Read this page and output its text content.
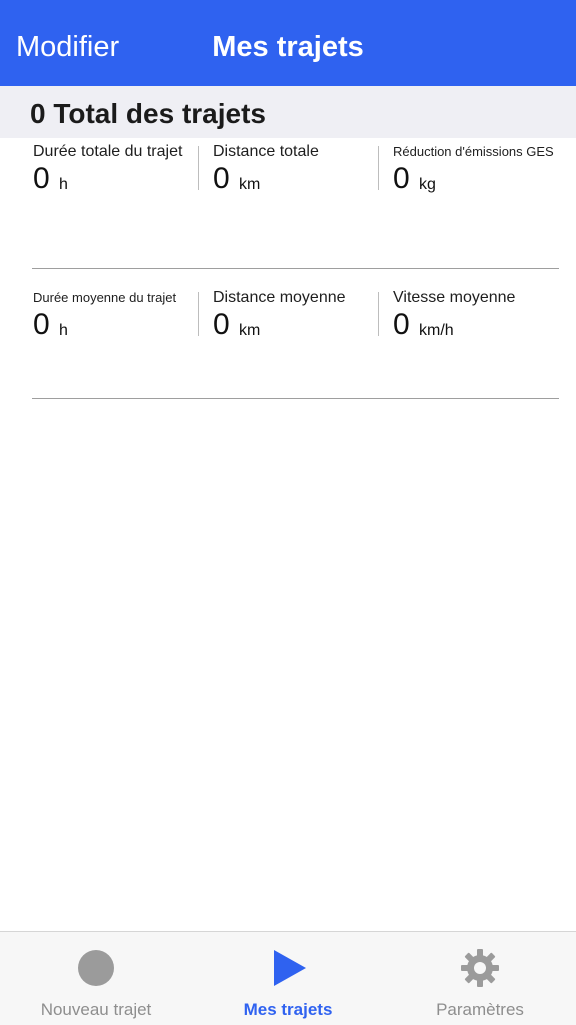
Mes trajets
Modifier
0 Total des trajets
Durée totale du trajet
0 h
Distance totale
0 km
Réduction d'émissions GES
0 kg
Durée moyenne du trajet
0 h
Distance moyenne
0 km
Vitesse moyenne
0 km/h
Nouveau trajet	Mes trajets	Paramètres
